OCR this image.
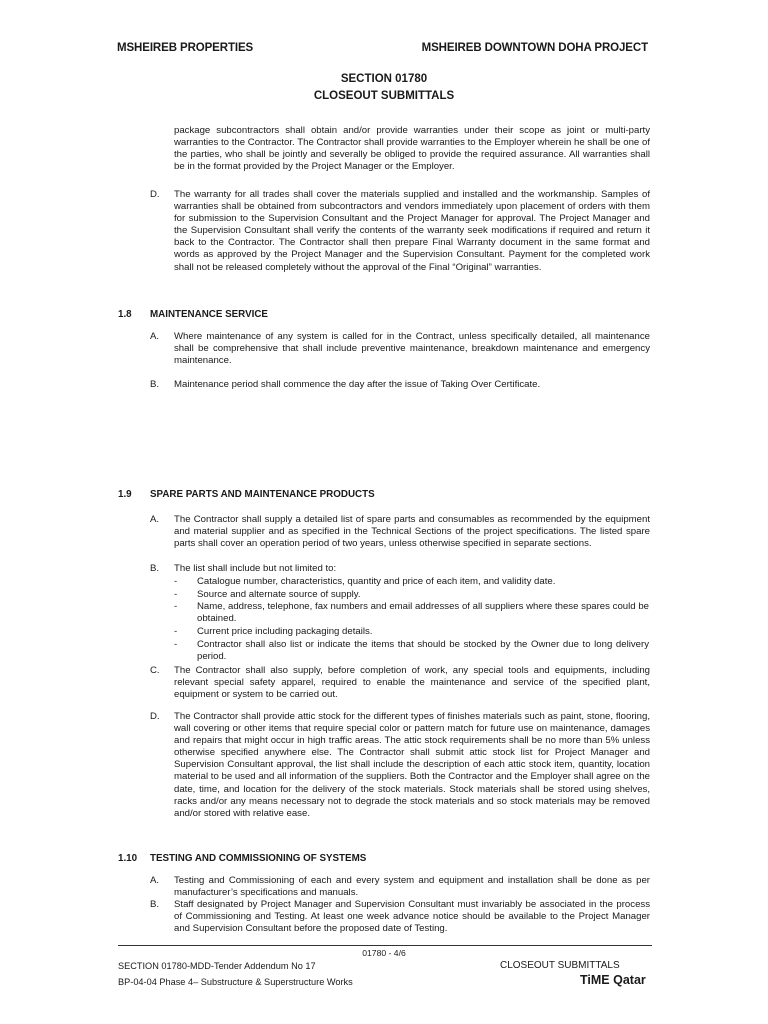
MSHEIREB PROPERTIES	MSHEIREB DOWNTOWN DOHA PROJECT
SECTION 01780
CLOSEOUT SUBMITTALS
package subcontractors shall obtain and/or provide warranties under their scope as joint or multi-party warranties to the Contractor. The Contractor shall provide warranties to the Employer wherein he shall be one of the parties, who shall be jointly and severally be obliged to provide the required assurance. All warranties shall be in the format provided by the Project Manager or the Employer.
D. The warranty for all trades shall cover the materials supplied and installed and the workmanship. Samples of warranties shall be obtained from subcontractors and vendors immediately upon placement of orders with them for submission to the Supervision Consultant and the Project Manager for approval. The Project Manager and the Supervision Consultant shall verify the contents of the warranty seek modifications if required and return it back to the Contractor. The Contractor shall then prepare Final Warranty document in the same format and words as approved by the Project Manager and the Supervision Consultant. Payment for the completed work shall not be released completely without the approval of the Final “Original” warranties.
1.8 MAINTENANCE SERVICE
A. Where maintenance of any system is called for in the Contract, unless specifically detailed, all maintenance shall be comprehensive that shall include preventive maintenance, breakdown maintenance and emergency maintenance.
B. Maintenance period shall commence the day after the issue of Taking Over Certificate.
1.9 SPARE PARTS AND MAINTENANCE PRODUCTS
A. The Contractor shall supply a detailed list of spare parts and consumables as recommended by the equipment and material supplier and as specified in the Technical Sections of the project specifications. The listed spare parts shall cover an operation period of two years, unless otherwise specified in separate sections.
B. The list shall include but not limited to:
- Catalogue number, characteristics, quantity and price of each item, and validity date.
- Source and alternate source of supply.
- Name, address, telephone, fax numbers and email addresses of all suppliers where these spares could be obtained.
- Current price including packaging details.
- Contractor shall also list or indicate the items that should be stocked by the Owner due to long delivery period.
C. The Contractor shall also supply, before completion of work, any special tools and equipments, including relevant special safety apparel, required to enable the maintenance and service of the specified plant, equipment or system to be carried out.
D. The Contractor shall provide attic stock for the different types of finishes materials such as paint, stone, flooring, wall covering or other items that require special color or pattern match for future use on maintenance, damages and repairs that might occur in high traffic areas. The attic stock requirements shall be no more than 5% unless otherwise specified anywhere else. The Contractor shall submit attic stock list for Project Manager and Supervision Consultant approval, the list shall include the description of each attic stock item, quantity, location material to be used and all information of the suppliers. Both the Contractor and the Employer shall agree on the date, time, and location for the delivery of the stock materials. Stock materials shall be stored using shelves, racks and/or any means necessary not to degrade the stock materials and so stock materials may be removed and/or stored with relative ease.
1.10 TESTING AND COMMISSIONING OF SYSTEMS
A. Testing and Commissioning of each and every system and equipment and installation shall be done as per manufacturer’s specifications and manuals.
B. Staff designated by Project Manager and Supervision Consultant must invariably be associated in the process of Commissioning and Testing. At least one week advance notice should be available to the Project Manager and Supervision Consultant before the proposed date of Testing.
01780 - 4/6
SECTION 01780-MDD-Tender Addendum No 17	CLOSEOUT SUBMITTALS
BP-04-04 Phase 4– Substructure & Superstructure Works	TiME Qatar
